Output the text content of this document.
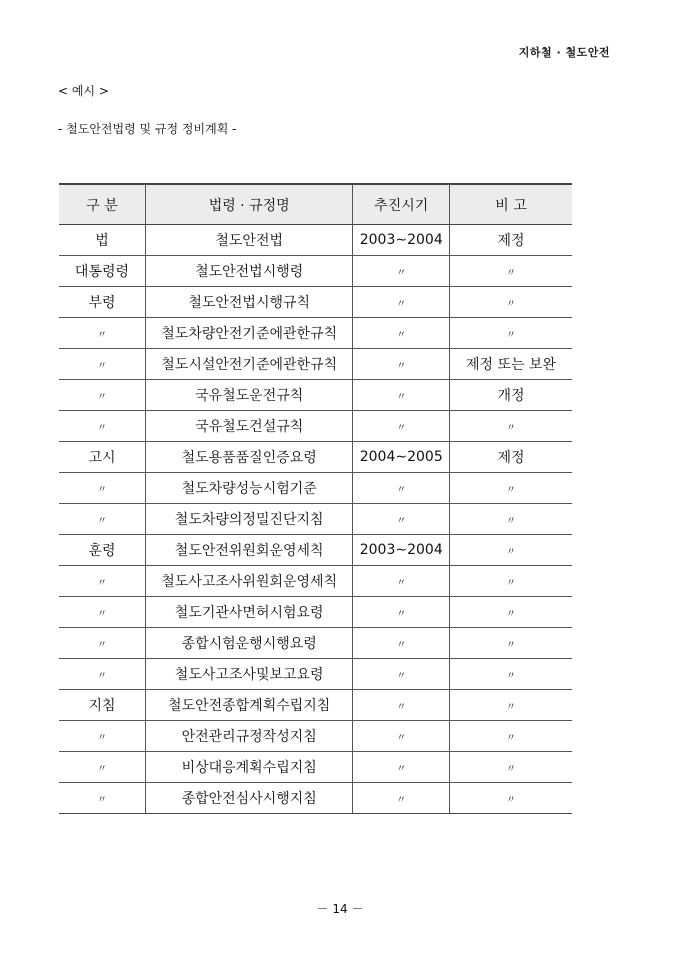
지하철 · 철도안전
< 예시 >
- 철도안전법령 및 규정 정비계획 -
구 분	법령 · 규정명	추진시기	비 고
법	철도안전법	2003∼2004	제정
대통령령	철도안전법시행령	〃	〃
부령	철도안전법시행규칙	〃	〃
〃	철도차량안전기준에관한규칙	〃	〃
〃	철도시설안전기준에관한규칙	〃	제정 또는 보완
〃	국유철도운전규칙	〃	개정
〃	국유철도건설규칙	〃	〃
고시	철도용품품질인증요령	2004∼2005	제정
〃	철도차량성능시험기준	〃	〃
〃	철도차량의정밀진단지침	〃	〃
훈령	철도안전위원회운영세칙	2003∼2004	〃
〃	철도사고조사위원회운영세칙	〃	〃
〃	철도기관사면허시험요령	〃	〃
〃	종합시험운행시행요령	〃	〃
〃	철도사고조사및보고요령	〃	〃
지침	철도안전종합계획수립지침	〃	〃
〃	안전관리규정작성지침	〃	〃
〃	비상대응계획수립지침	〃	〃
〃	종합안전심사시행지침	〃	〃
－ 14 －
